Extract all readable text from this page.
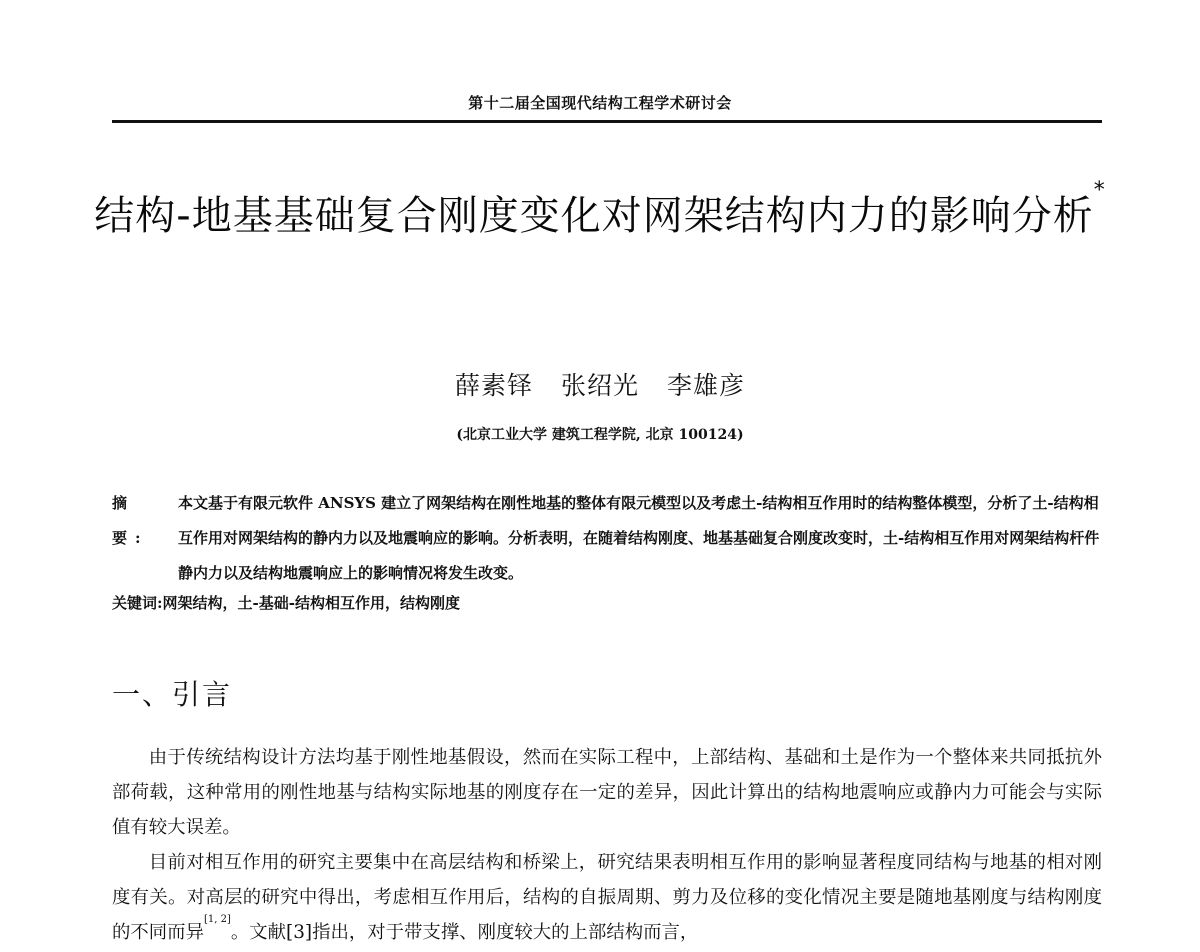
第十二届全国现代结构工程学术研讨会
结构-地基基础复合刚度变化对网架结构内力的影响分析*
薛素铎 张绍光 李雄彦
(北京工业大学 建筑工程学院, 北京 100124)
摘 要:
本文基于有限元软件 ANSYS 建立了网架结构在刚性地基的整体有限元模型以及考虑土-结构相互作用时的结构整体模型，分析了土-结构相互作用对网架结构的静内力以及地震响应的影响。分析表明，在随着结构刚度、地基基础复合刚度改变时，土-结构相互作用对网架结构杆件静内力以及结构地震响应上的影响情况将发生改变。
关键词:网架结构，土-基础-结构相互作用，结构刚度
一、引言
由于传统结构设计方法均基于刚性地基假设，然而在实际工程中，上部结构、基础和土是作为一个整体来共同抵抗外部荷载，这种常用的刚性地基与结构实际地基的刚度存在一定的差异，因此计算出的结构地震响应或静内力可能会与实际值有较大误差。
目前对相互作用的研究主要集中在高层结构和桥梁上，研究结果表明相互作用的影响显著程度同结构与地基的相对刚度有关。对高层的研究中得出，考虑相互作用后，结构的自振周期、剪力及位移的变化情况主要是随地基刚度与结构刚度的不同而异[1, 2]。文献[3]指出，对于带支撑、刚度较大的上部结构而言，
